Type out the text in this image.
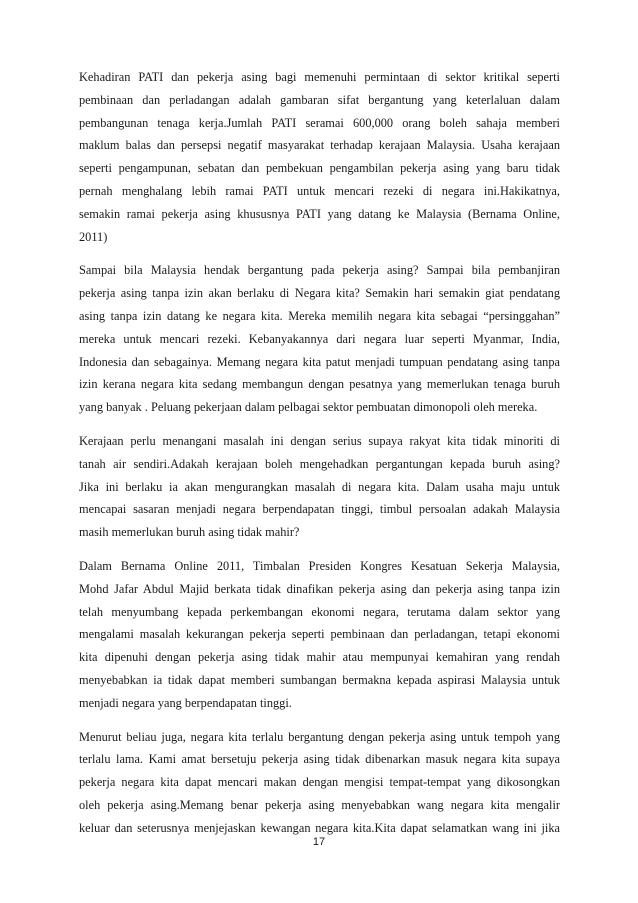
Kehadiran PATI dan pekerja asing bagi memenuhi permintaan di sektor kritikal seperti
pembinaan dan perladangan adalah gambaran sifat bergantung yang keterlaluan dalam
pembangunan tenaga kerja.Jumlah PATI seramai 600,000 orang boleh sahaja memberi
maklum balas dan persepsi negatif masyarakat terhadap kerajaan Malaysia. Usaha kerajaan
seperti pengampunan, sebatan dan pembekuan pengambilan pekerja asing yang baru tidak
pernah menghalang lebih ramai PATI untuk mencari rezeki di negara ini.Hakikatnya,
semakin ramai pekerja asing khususnya PATI yang datang ke Malaysia (Bernama Online,
2011)

Sampai bila Malaysia hendak bergantung pada pekerja asing? Sampai bila pembanjiran
pekerja asing tanpa izin akan berlaku di Negara kita? Semakin hari semakin giat pendatang
asing tanpa izin datang ke negara kita. Mereka memilih negara kita sebagai “persinggahan”
mereka untuk mencari rezeki. Kebanyakannya dari negara luar seperti Myanmar, India,
Indonesia dan sebagainya. Memang negara kita patut menjadi tumpuan pendatang asing tanpa
izin kerana negara kita sedang membangun dengan pesatnya yang memerlukan tenaga buruh
yang banyak . Peluang pekerjaan dalam pelbagai sektor pembuatan dimonopoli oleh mereka.

Kerajaan perlu menangani masalah ini dengan serius supaya rakyat kita tidak minoriti di
tanah air sendiri.Adakah kerajaan boleh mengehadkan pergantungan kepada buruh asing?
Jika ini berlaku ia akan mengurangkan masalah di negara kita. Dalam usaha maju untuk
mencapai sasaran menjadi negara berpendapatan tinggi, timbul persoalan adakah Malaysia
masih memerlukan buruh asing tidak mahir?

Dalam Bernama Online 2011, Timbalan Presiden Kongres Kesatuan Sekerja Malaysia,
Mohd Jafar Abdul Majid berkata tidak dinafikan pekerja asing dan pekerja asing tanpa izin
telah menyumbang kepada perkembangan ekonomi negara, terutama dalam sektor yang
mengalami masalah kekurangan pekerja seperti pembinaan dan perladangan, tetapi ekonomi
kita dipenuhi dengan pekerja asing tidak mahir atau mempunyai kemahiran yang rendah
menyebabkan ia tidak dapat memberi sumbangan bermakna kepada aspirasi Malaysia untuk
menjadi negara yang berpendapatan tinggi.

Menurut beliau juga, negara kita terlalu bergantung dengan pekerja asing untuk tempoh yang
terlalu lama. Kami amat bersetuju pekerja asing tidak dibenarkan masuk negara kita supaya
pekerja negara kita dapat mencari makan dengan mengisi tempat-tempat yang dikosongkan
oleh pekerja asing.Memang benar pekerja asing menyebabkan wang negara kita mengalir
keluar dan seterusnya menjejaskan kewangan negara kita.Kita dapat selamatkan wang ini jika

17
